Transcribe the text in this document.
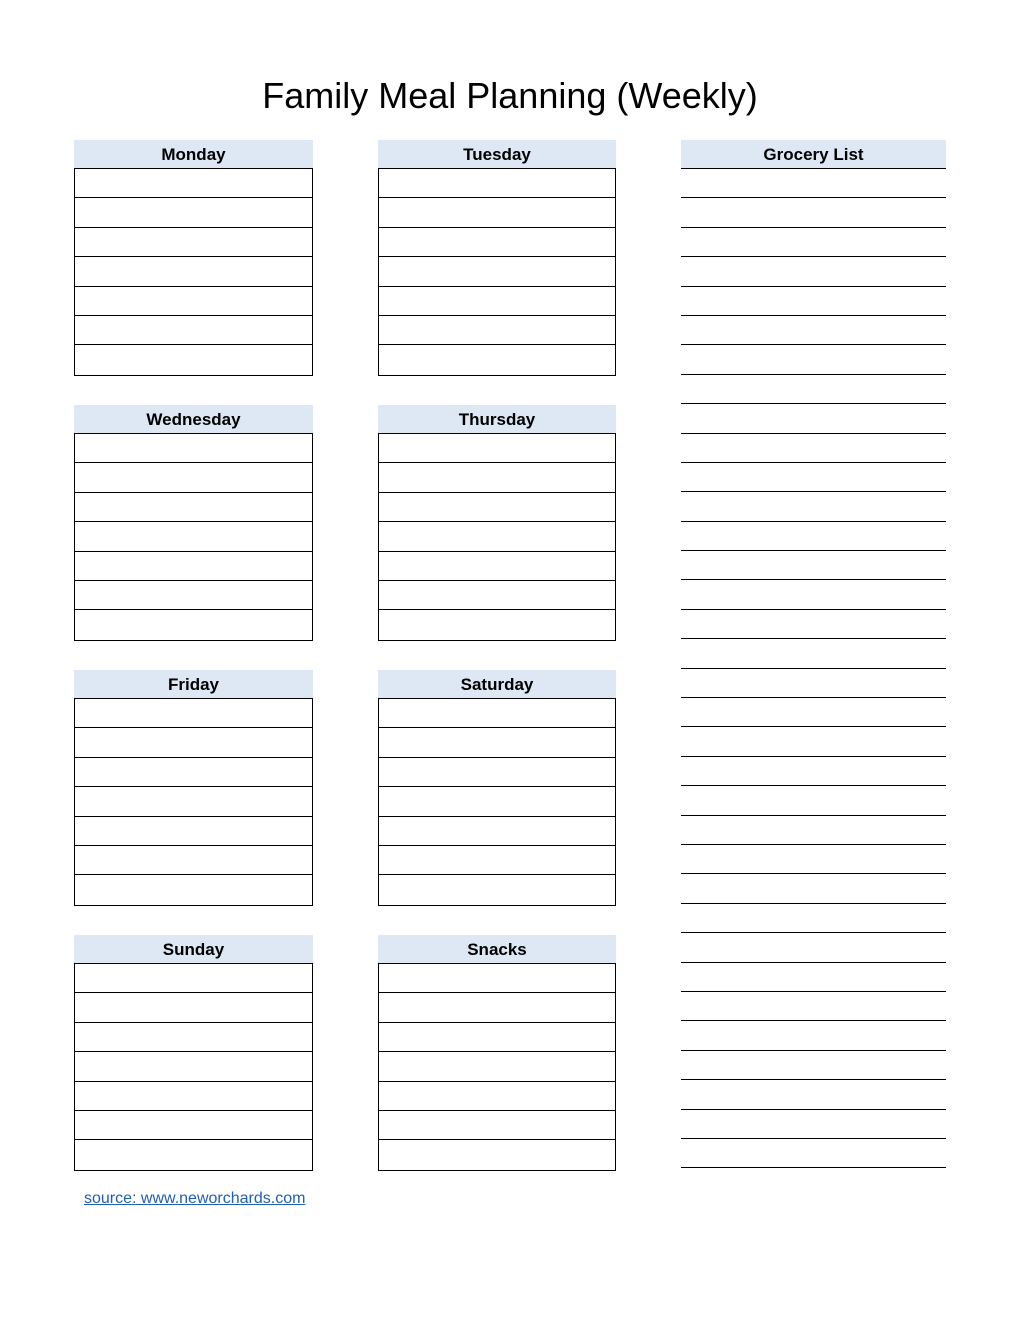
Family Meal Planning (Weekly)
Monday	Tuesday
Wednesday	Thursday
Friday	Saturday
Sunday	Snacks
Grocery List
source: www.neworchards.com
